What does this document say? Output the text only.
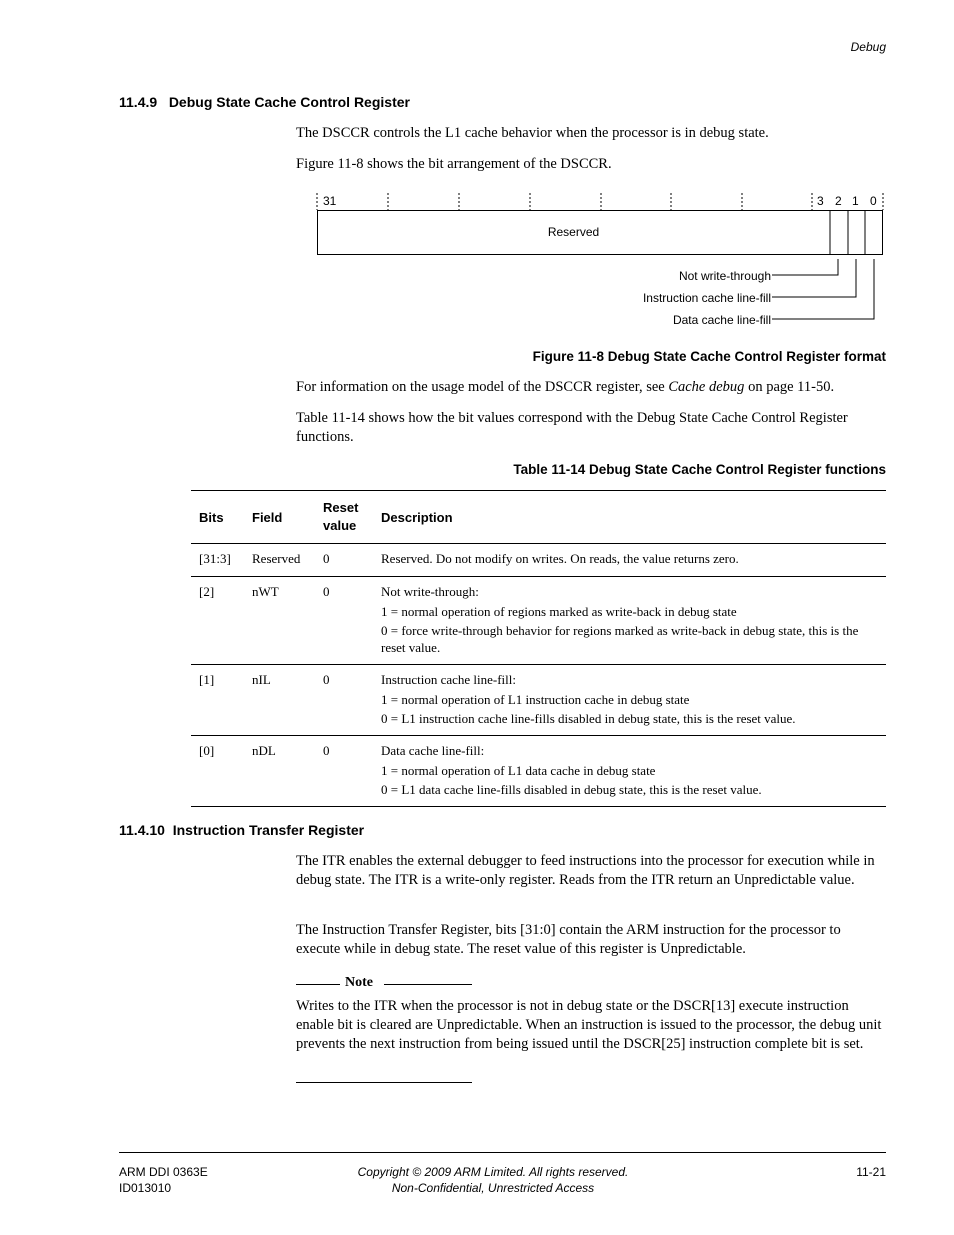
Debug
11.4.9   Debug State Cache Control Register
The DSCCR controls the L1 cache behavior when the processor is in debug state.
Figure 11-8 shows the bit arrangement of the DSCCR.
31	3 2 1 0
Reserved
Not write-through
Instruction cache line-fill
Data cache line-fill
Figure 11-8 Debug State Cache Control Register format
For information on the usage model of the DSCCR register, see Cache debug on page 11-50.
Table 11-14 shows how the bit values correspond with the Debug State Cache Control Register functions.
Table 11-14 Debug State Cache Control Register functions
Bits	Field	Reset value	Description
[31:3]	Reserved	0	Reserved. Do not modify on writes. On reads, the value returns zero.

[2]	nWT	0	Not write-through:
1 = normal operation of regions marked as write-back in debug state
0 = force write-through behavior for regions marked as write-back in debug state, this is the reset value.

[1]	nIL	0	Instruction cache line-fill:
1 = normal operation of L1 instruction cache in debug state
0 = L1 instruction cache line-fills disabled in debug state, this is the reset value.

[0]	nDL	0	Data cache line-fill:
1 = normal operation of L1 data cache in debug state
0 = L1 data cache line-fills disabled in debug state, this is the reset value.
11.4.10  Instruction Transfer Register
The ITR enables the external debugger to feed instructions into the processor for execution while in debug state. The ITR is a write-only register. Reads from the ITR return an Unpredictable value.
The Instruction Transfer Register, bits [31:0] contain the ARM instruction for the processor to execute while in debug state. The reset value of this register is Unpredictable.
Note
Writes to the ITR when the processor is not in debug state or the DSCR[13] execute instruction enable bit is cleared are Unpredictable. When an instruction is issued to the processor, the debug unit prevents the next instruction from being issued until the DSCR[25] instruction complete bit is set.
ARM DDI 0363E
ID013010
Copyright © 2009 ARM Limited. All rights reserved.
Non-Confidential, Unrestricted Access
11-21
